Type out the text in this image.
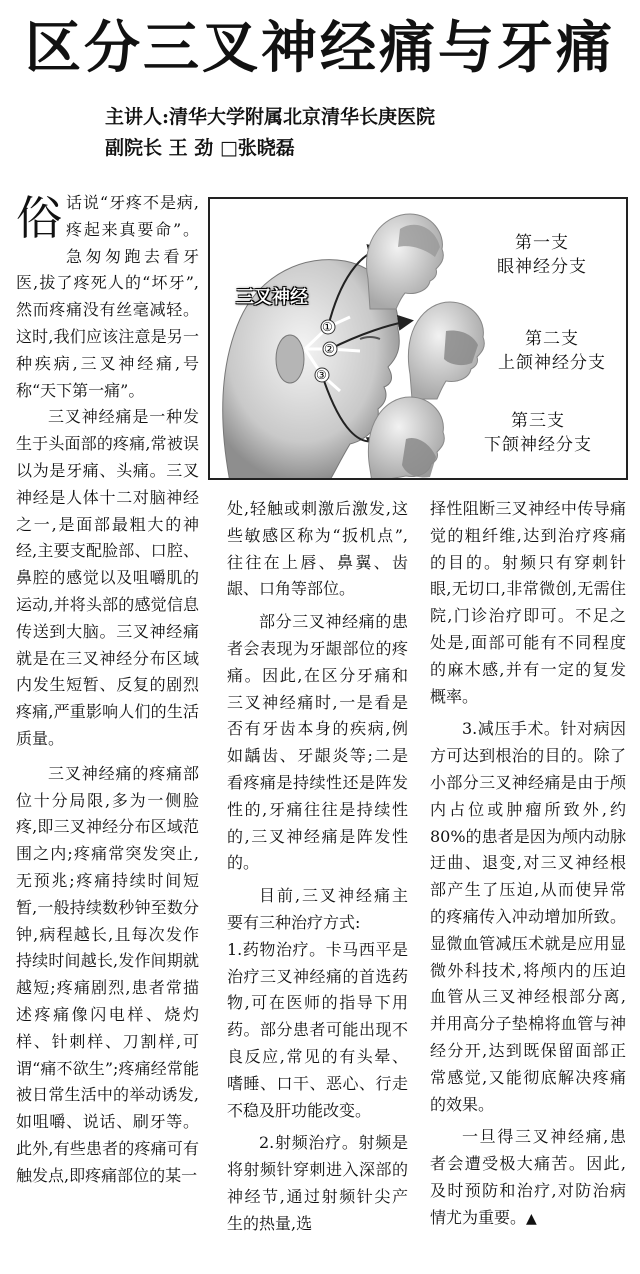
区分三叉神经痛与牙痛
主讲人:清华大学附属北京清华长庚医院
副院长 王 劲 □张晓磊
①
②
③
三叉神经
第一支
眼神经分支
第二支
上颌神经分支
第三支
下颌神经分支

俗话说“牙疼不是病,疼起来真要命”。急匆匆跑去看牙医,拔了疼死人的“坏牙”,然而疼痛没有丝毫减轻。这时,我们应该注意是另一种疾病,三叉神经痛,号称“天下第一痛”。

三叉神经痛是一种发生于头面部的疼痛,常被误以为是牙痛、头痛。三叉神经是人体十二对脑神经之一,是面部最粗大的神经,主要支配脸部、口腔、鼻腔的感觉以及咀嚼肌的运动,并将头部的感觉信息传送到大脑。三叉神经痛就是在三叉神经分布区域内发生短暂、反复的剧烈疼痛,严重影响人们的生活质量。

三叉神经痛的疼痛部位十分局限,多为一侧脸疼,即三叉神经分布区域范围之内;疼痛常突发突止,无预兆;疼痛持续时间短暂,一般持续数秒钟至数分钟,病程越长,且每次发作持续时间越长,发作间期就越短;疼痛剧烈,患者常描述疼痛像闪电样、烧灼样、针刺样、刀割样,可谓“痛不欲生”;疼痛经常能被日常生活中的举动诱发,如咀嚼、说话、刷牙等。此外,有些患者的疼痛可有触发点,即疼痛部位的某一

处,轻触或刺激后激发,这些敏感区称为“扳机点”,往往在上唇、鼻翼、齿龈、口角等部位。

部分三叉神经痛的患者会表现为牙龈部位的疼痛。因此,在区分牙痛和三叉神经痛时,一是看是否有牙齿本身的疾病,例如龋齿、牙龈炎等;二是看疼痛是持续性还是阵发性的,牙痛往往是持续性的,三叉神经痛是阵发性的。

目前,三叉神经痛主要有三种治疗方式:

1.药物治疗。卡马西平是治疗三叉神经痛的首选药物,可在医师的指导下用药。部分患者可能出现不良反应,常见的有头晕、嗜睡、口干、恶心、行走不稳及肝功能改变。

2.射频治疗。射频是将射频针穿刺进入深部的神经节,通过射频针尖产生的热量,选

择性阻断三叉神经中传导痛觉的粗纤维,达到治疗疼痛的目的。射频只有穿刺针眼,无切口,非常微创,无需住院,门诊治疗即可。不足之处是,面部可能有不同程度的麻木感,并有一定的复发概率。

3.减压手术。针对病因方可达到根治的目的。除了小部分三叉神经痛是由于颅内占位或肿瘤所致外,约80%的患者是因为颅内动脉迂曲、退变,对三叉神经根部产生了压迫,从而使异常的疼痛传入冲动增加所致。显微血管减压术就是应用显微外科技术,将颅内的压迫血管从三叉神经根部分离,并用高分子垫棉将血管与神经分开,达到既保留面部正常感觉,又能彻底解决疼痛的效果。

一旦得三叉神经痛,患者会遭受极大痛苦。因此,及时预防和治疗,对防治病情尤为重要。▲
